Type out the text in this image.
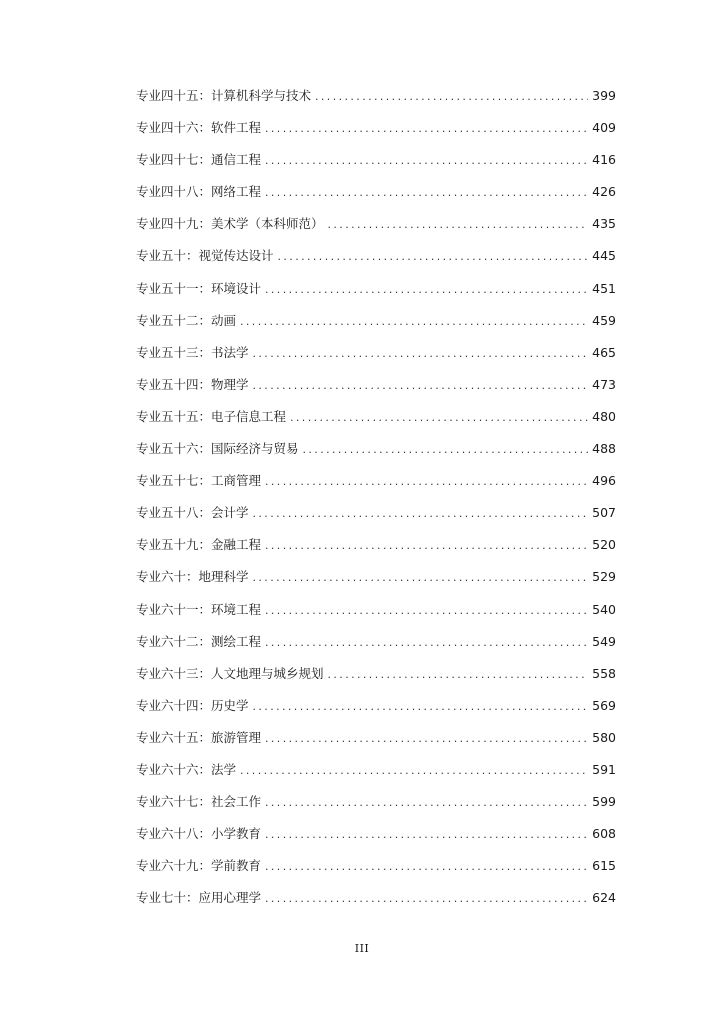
专业四十五：计算机科学与技术 .....	399
专业四十六：软件工程 .....	409
专业四十七：通信工程 .....	416
专业四十八：网络工程 .....	426
专业四十九：美术学（本科师范） .....	435
专业五十：视觉传达设计 .....	445
专业五十一：环境设计 .....	451
专业五十二：动画 .....	459
专业五十三：书法学 .....	465
专业五十四：物理学 .....	473
专业五十五：电子信息工程 .....	480
专业五十六：国际经济与贸易 .....	488
专业五十七：工商管理 .....	496
专业五十八：会计学 .....	507
专业五十九：金融工程 .....	520
专业六十：地理科学 .....	529
专业六十一：环境工程 .....	540
专业六十二：测绘工程 .....	549
专业六十三：人文地理与城乡规划 .....	558
专业六十四：历史学 .....	569
专业六十五：旅游管理 .....	580
专业六十六：法学 .....	591
专业六十七：社会工作 .....	599
专业六十八：小学教育 .....	608
专业六十九：学前教育 .....	615
专业七十：应用心理学 .....	624
III
